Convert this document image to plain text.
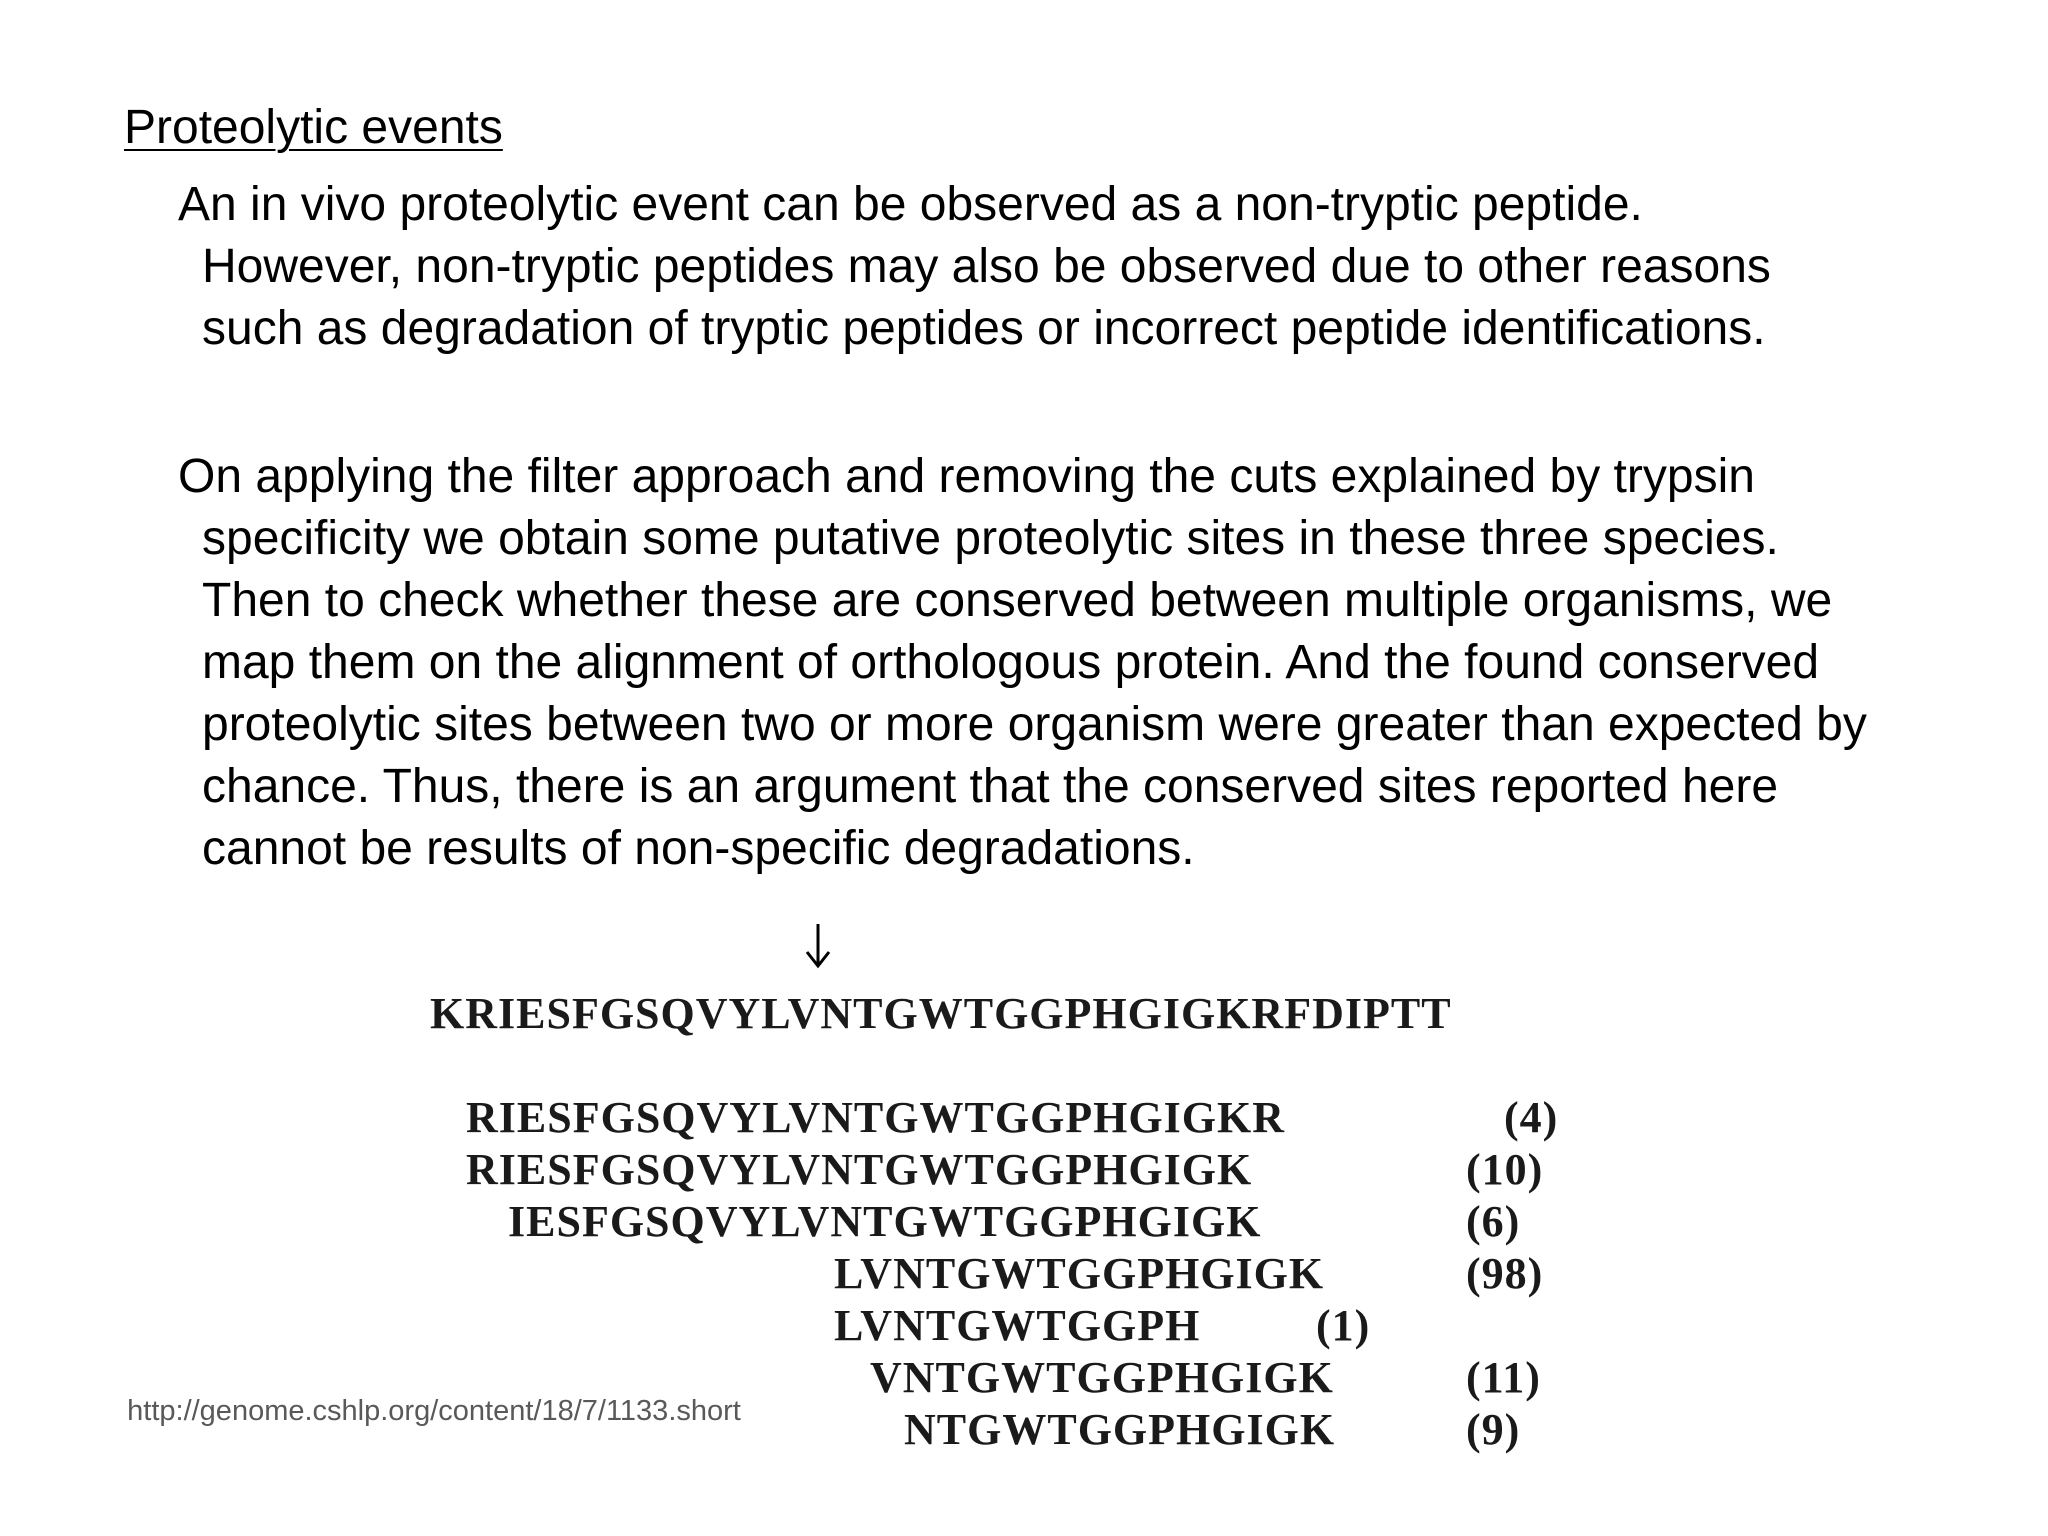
Proteolytic events
An in vivo proteolytic event can be observed as a non-tryptic peptide.
However, non-tryptic peptides may also be observed due to other reasons
such as degradation of tryptic peptides or incorrect peptide identifications.
On applying the filter approach and removing the cuts explained by trypsin
specificity we obtain some putative proteolytic sites in these three species.
Then to check whether these are conserved between multiple organisms, we
map them on the alignment of orthologous protein. And the found conserved
proteolytic sites between two or more organism were greater than expected by
chance. Thus, there is an argument that the conserved sites reported here
cannot be results of non-specific degradations.
KRIESFGSQVYLVNTGWTGGPHGIGKRFDIPTT
RIESFGSQVYLVNTGWTGGPHGIGKR	(4)
RIESFGSQVYLVNTGWTGGPHGIGK	(10)
IESFGSQVYLVNTGWTGGPHGIGK	(6)
LVNTGWTGGPHGIGK	(98)
LVNTGWTGGPH	(1)
VNTGWTGGPHGIGK	(11)
NTGWTGGPHGIGK	(9)
http://genome.cshlp.org/content/18/7/1133.short
